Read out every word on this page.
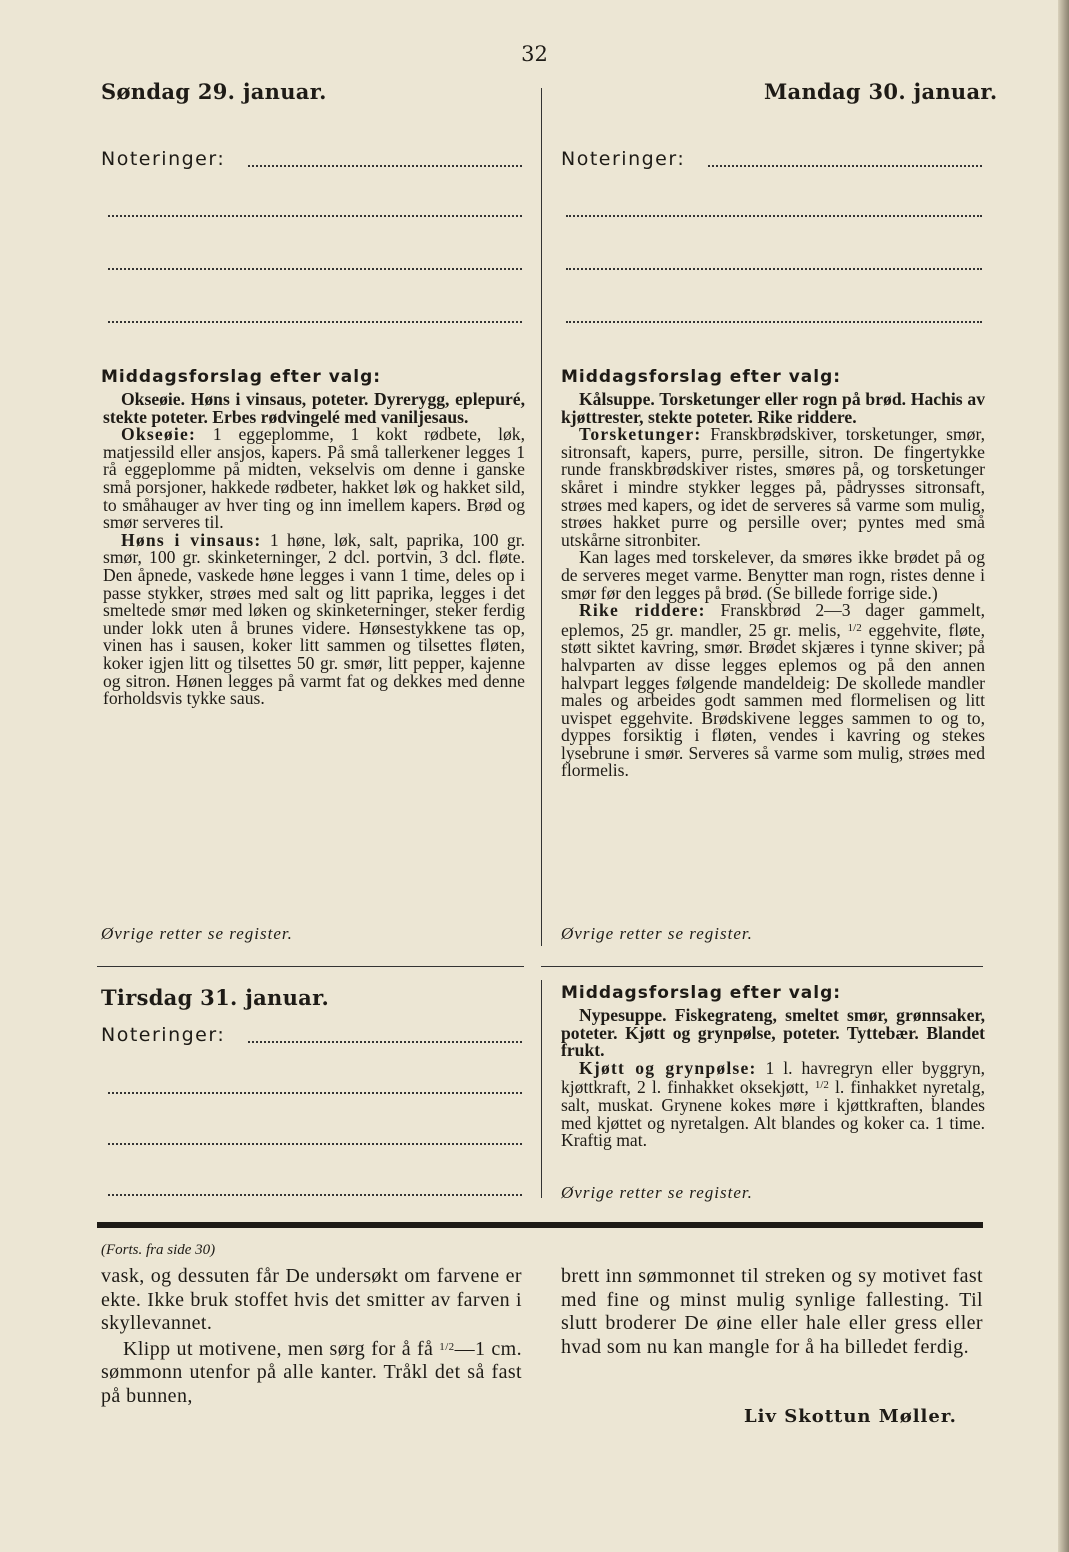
32
Søndag 29. januar.
Noteringer:
Middagsforslag efter valg:

Okseøie. Høns i vinsaus, poteter. Dyrerygg, eplepuré, stekte poteter. Erbes rødvingelé med vaniljesaus.

Okseøie: 1 eggeplomme, 1 kokt rødbete, løk, matjessild eller ansjos, kapers. På små tallerkener legges 1 rå eggeplomme på midten, vekselvis om denne i ganske små porsjoner, hakkede rødbeter, hakket løk og hakket sild, to småhauger av hver ting og inn imellem kapers. Brød og smør serveres til.

Høns i vinsaus: 1 høne, løk, salt, paprika, 100 gr. smør, 100 gr. skinketerninger, 2 dcl. portvin, 3 dcl. fløte. Den åpnede, vaskede høne legges i vann 1 time, deles op i passe stykker, strøes med salt og litt paprika, legges i det smeltede smør med løken og skinketerninger, steker ferdig under lokk uten å brunes videre. Hønsestykkene tas op, vinen has i sausen, koker litt sammen og tilsettes fløten, koker igjen litt og tilsettes 50 gr. smør, litt pepper, kajenne og sitron. Hønen legges på varmt fat og dekkes med denne forholdsvis tykke saus.

Øvrige retter se register.
Mandag 30. januar.
Noteringer:
Middagsforslag efter valg:

Kålsuppe. Torsketunger eller rogn på brød. Hachis av kjøttrester, stekte poteter. Rike riddere.

Torsketunger: Franskbrødskiver, torsketunger, smør, sitronsaft, kapers, purre, persille, sitron. De fingertykke runde franskbrødskiver ristes, smøres på, og torsketunger skåret i mindre stykker legges på, pådrysses sitronsaft, strøes med kapers, og idet de serveres så varme som mulig, strøes hakket purre og persille over; pyntes med små utskårne sitronbiter.

Kan lages med torskelever, da smøres ikke brødet på og de serveres meget varme. Benytter man rogn, ristes denne i smør før den legges på brød. (Se billede forrige side.)

Rike riddere: Franskbrød 2—3 dager gammelt, eplemos, 25 gr. mandler, 25 gr. melis, $^{1/2}$ eggehvite, fløte, støtt siktet kavring, smør. Brødet skjæres i tynne skiver; på halvparten av disse legges eplemos og på den annen halvpart legges følgende mandeldeig: De skollede mandler males og arbeides godt sammen med flormelisen og litt uvispet eggehvite. Brødskivene legges sammen to og to, dyppes forsiktig i fløten, vendes i kavring og stekes lysebrune i smør. Serveres så varme som mulig, strøes med flormelis.

Øvrige retter se register.
Tirsdag 31. januar.
Noteringer:
Middagsforslag efter valg:

Nypesuppe. Fiskegrateng, smeltet smør, grønnsaker, poteter. Kjøtt og grynpølse, poteter. Tyttebær. Blandet frukt.

Kjøtt og grynpølse: 1 l. havregryn eller byggryn, kjøttkraft, 2 l. finhakket oksekjøtt, $^{1/2}$ l. finhakket nyretalg, salt, muskat. Grynene kokes møre i kjøttkraften, blandes med kjøttet og nyretalgen. Alt blandes og koker ca. 1 time. Kraftig mat.

Øvrige retter se register.
(Forts. fra side 30)

vask, og dessuten får De undersøkt om farvene er ekte. Ikke bruk stoffet hvis det smitter av farven i skyllevannet.

Klipp ut motivene, men sørg for å få $^{1/2}$—1 cm. sømmonn utenfor på alle kanter. Tråkl det så fast på bunnen,

brett inn sømmonnet til streken og sy motivet fast med fine og minst mulig synlige fallesting. Til slutt broderer De øine eller hale eller gress eller hvad som nu kan mangle for å ha billedet ferdig.

Liv Skottun Møller.
